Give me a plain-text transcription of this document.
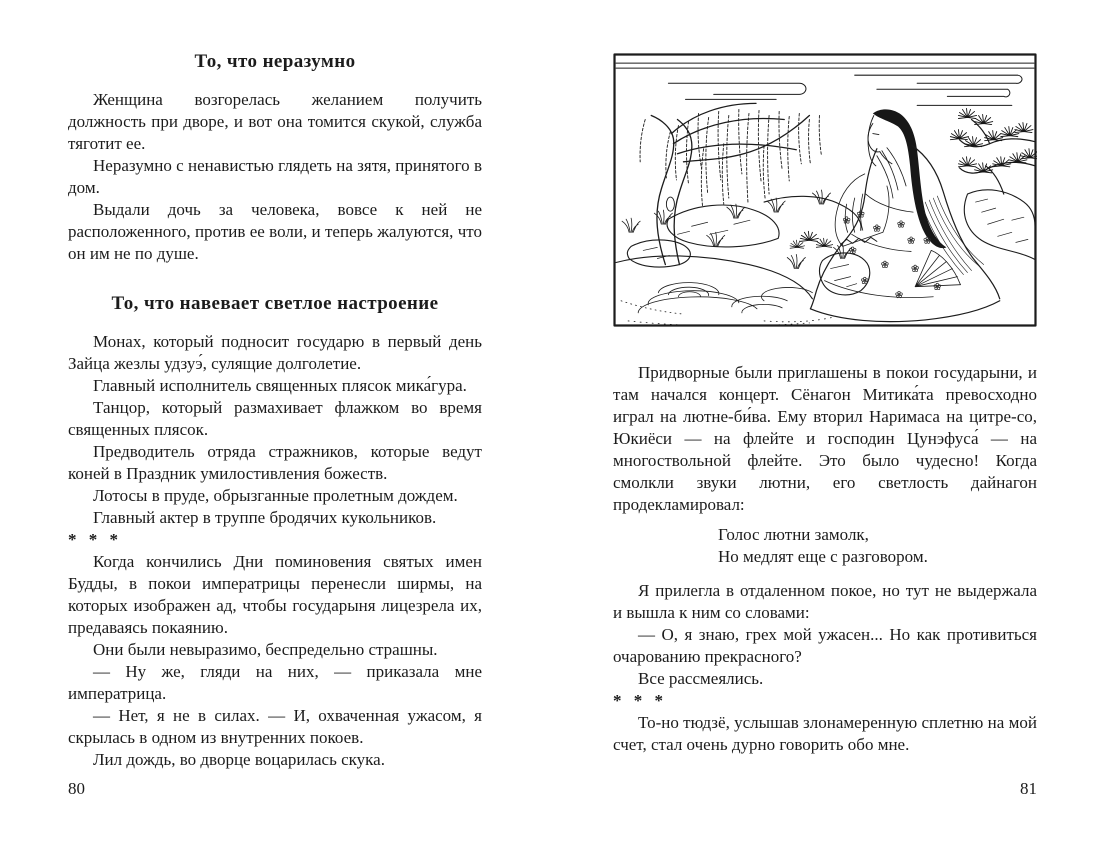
То, что неразумно

Женщина возгорелась желанием получить должность при дворе, и вот она томится скукой, служба тяготит ее.

Неразумно с ненавистью глядеть на зятя, принятого в дом.

Выдали дочь за человека, вовсе к ней не расположенного, против ее воли, и теперь жалуются, что он им не по душе.

То, что навевает светлое настроение

Монах, который подносит государю в первый день Зайца жезлы удзуэ́, сулящие долголетие.

Главный исполнитель священных плясок мика́гура.

Танцор, который размахивает флажком во время священных плясок.

Предводитель отряда стражников, которые ведут коней в Праздник умилостивления божеств.

Лотосы в пруде, обрызганные пролетным дождем.

Главный актер в труппе бродячих кукольников.

* * *

Когда кончились Дни поминовения святых имен Будды, в покои императрицы перенесли ширмы, на которых изображен ад, чтобы государыня лицезрела их, предаваясь покаянию.

Они были невыразимо, беспредельно страшны.

— Ну же, гляди на них, — приказала мне императрица.

— Нет, я не в силах. — И, охваченная ужасом, я скрылась в одном из внутренних покоев.

Лил дождь, во дворце воцарилась скука.

Придворные были приглашены в покои государыни, и там начался концерт. Сёнагон Митика́та превосходно играл на лютне-би́ва. Ему вторил Наримаса на цитре-со, Юкиёси — на флейте и господин Цунэфуса́ — на многоствольной флейте. Это было чудесно! Когда смолкли звуки лютни, его светлость дайнагон продекламировал:

Голос лютни замолк,
Но медлят еще с разговором.

Я прилегла в отдаленном покое, но тут не выдержала и вышла к ним со словами:

— О, я знаю, грех мой ужасен... Но как противиться очарованию прекрасного?

Все рассмеялись.

* * *

То-но тюдзё, услышав злонамеренную сплетню на мой счет, стал очень дурно говорить обо мне.

80	81
